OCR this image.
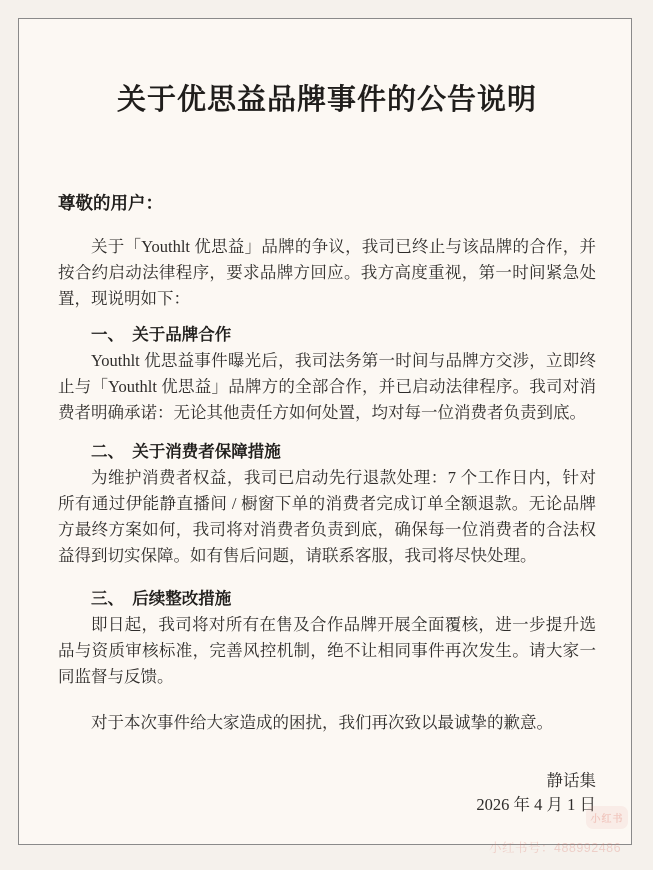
关于优思益品牌事件的公告说明
尊敬的用户：

关于「Youthlt 优思益」品牌的争议，我司已终止与该品牌的合作，并按合约启动法律程序，要求品牌方回应。我方高度重视，第一时间紧急处置，现说明如下：

一、　关于品牌合作

Youthlt 优思益事件曝光后，我司法务第一时间与品牌方交涉，立即终止与「Youthlt 优思益」品牌方的全部合作，并已启动法律程序。我司对消费者明确承诺：无论其他责任方如何处置，均对每一位消费者负责到底。

二、　关于消费者保障措施

为维护消费者权益，我司已启动先行退款处理：7 个工作日内，针对所有通过伊能静直播间 / 橱窗下单的消费者完成订单全额退款。无论品牌方最终方案如何，我司将对消费者负责到底，确保每一位消费者的合法权益得到切实保障。如有售后问题，请联系客服，我司将尽快处理。

三、　后续整改措施

即日起，我司将对所有在售及合作品牌开展全面覆核，进一步提升选品与资质审核标准，完善风控机制，绝不让相同事件再次发生。请大家一同监督与反馈。

对于本次事件给大家造成的困扰，我们再次致以最诚挚的歉意。

静话集

2026 年 4 月 1 日

小红书
小红书号：488992486
